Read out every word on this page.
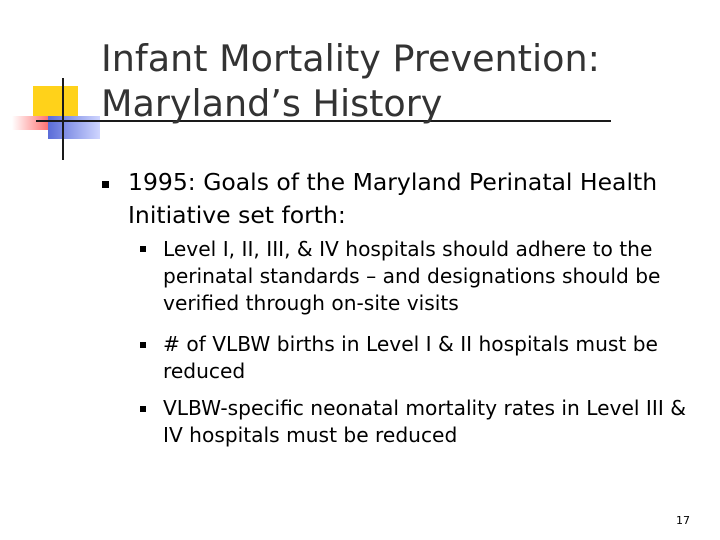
Infant Mortality Prevention:
Maryland’s History
1995: Goals of the Maryland Perinatal Health Initiative set forth:
Level I, II, III, & IV hospitals should adhere to the perinatal standards – and designations should be verified through on-site visits
# of VLBW births in Level I & II hospitals must be reduced
VLBW-specific neonatal mortality rates in Level III & IV hospitals must be reduced
17
